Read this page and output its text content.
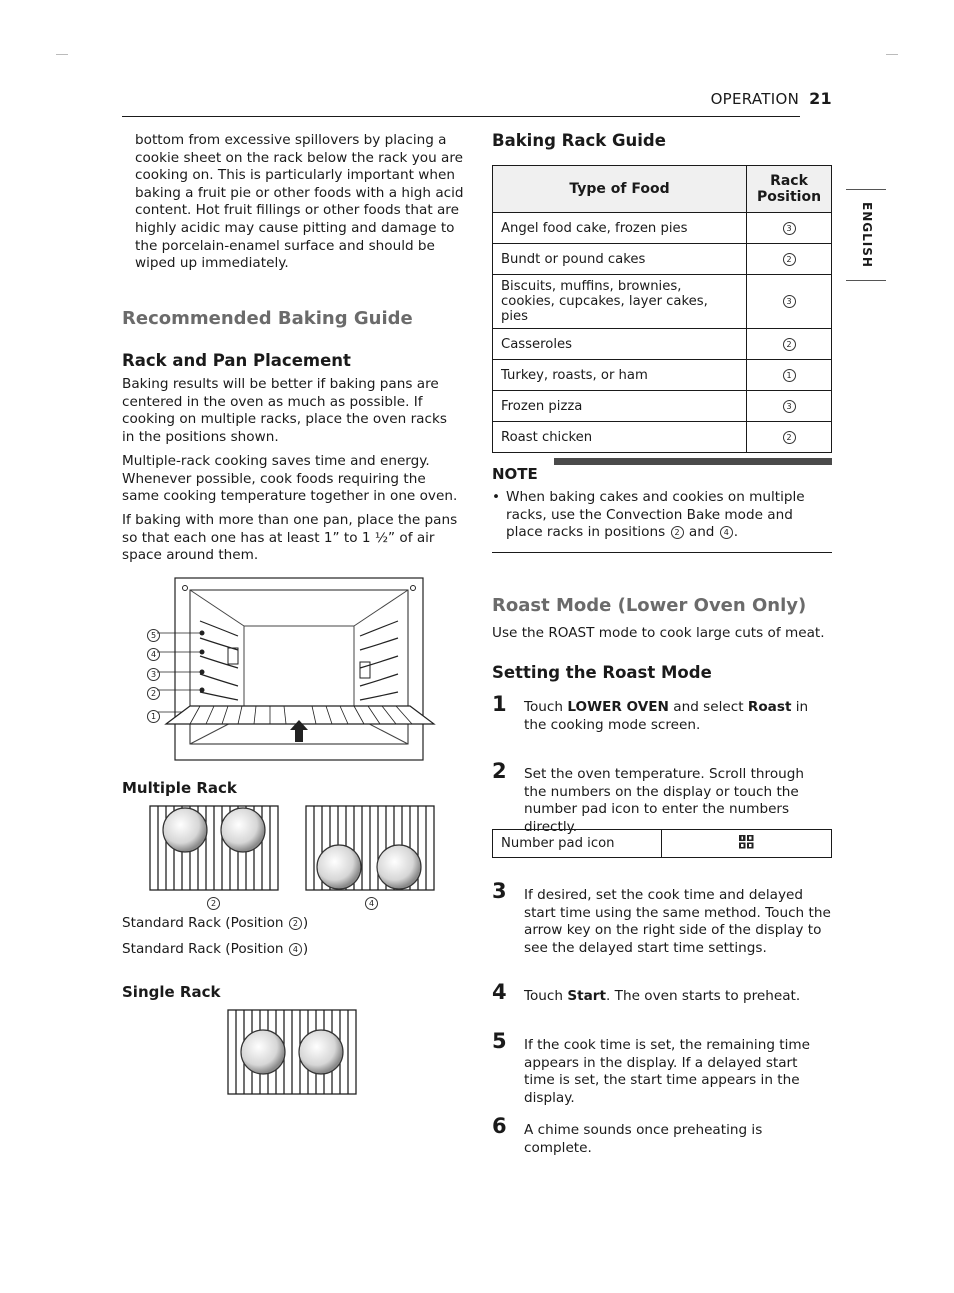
OPERATION 21
ENGLISH
bottom from excessive spillovers by placing a cookie sheet on the rack below the rack you are cooking on. This is particularly important when baking a fruit pie or other foods with a high acid content. Hot fruit fillings or other foods that are highly acidic may cause pitting and damage to the porcelain-enamel surface and should be wiped up immediately.
Recommended Baking Guide
Rack and Pan Placement
Baking results will be better if baking pans are centered in the oven as much as possible. If cooking on multiple racks, place the oven racks in the positions shown.
Multiple-rack cooking saves time and energy. Whenever possible, cook foods requiring the same cooking temperature together in one oven.
If baking with more than one pan, place the pans so that each one has at least 1” to 1 ½” of air space around them.
5
4
3
2
1
Multiple Rack
2	4
Standard Rack (Position 2 )
Standard Rack (Position 4 )
Single Rack
Baking Rack Guide
Type of Food	Rack Position
Angel food cake, frozen pies	3
Bundt or pound cakes	2
Biscuits, muffins, brownies, cookies, cupcakes, layer cakes, pies	3
Casseroles	2
Turkey, roasts, or ham	1
Frozen pizza	3
Roast chicken	2
NOTE
• When baking cakes and cookies on multiple racks, use the Convection Bake mode and place racks in positions 2 and 4 .
Roast Mode (Lower Oven Only)
Use the ROAST mode to cook large cuts of meat.
Setting the Roast Mode
1 Touch LOWER OVEN and select Roast in the cooking mode screen.
2 Set the oven temperature. Scroll through the numbers on the display or touch the number pad icon to enter the numbers directly.
Number pad icon	
3 If desired, set the cook time and delayed start time using the same method. Touch the arrow key on the right side of the display to see the delayed start time settings.
4 Touch Start. The oven starts to preheat.
5 If the cook time is set, the remaining time appears in the display. If a delayed start time is set, the start time appears in the display.
6 A chime sounds once preheating is complete.
